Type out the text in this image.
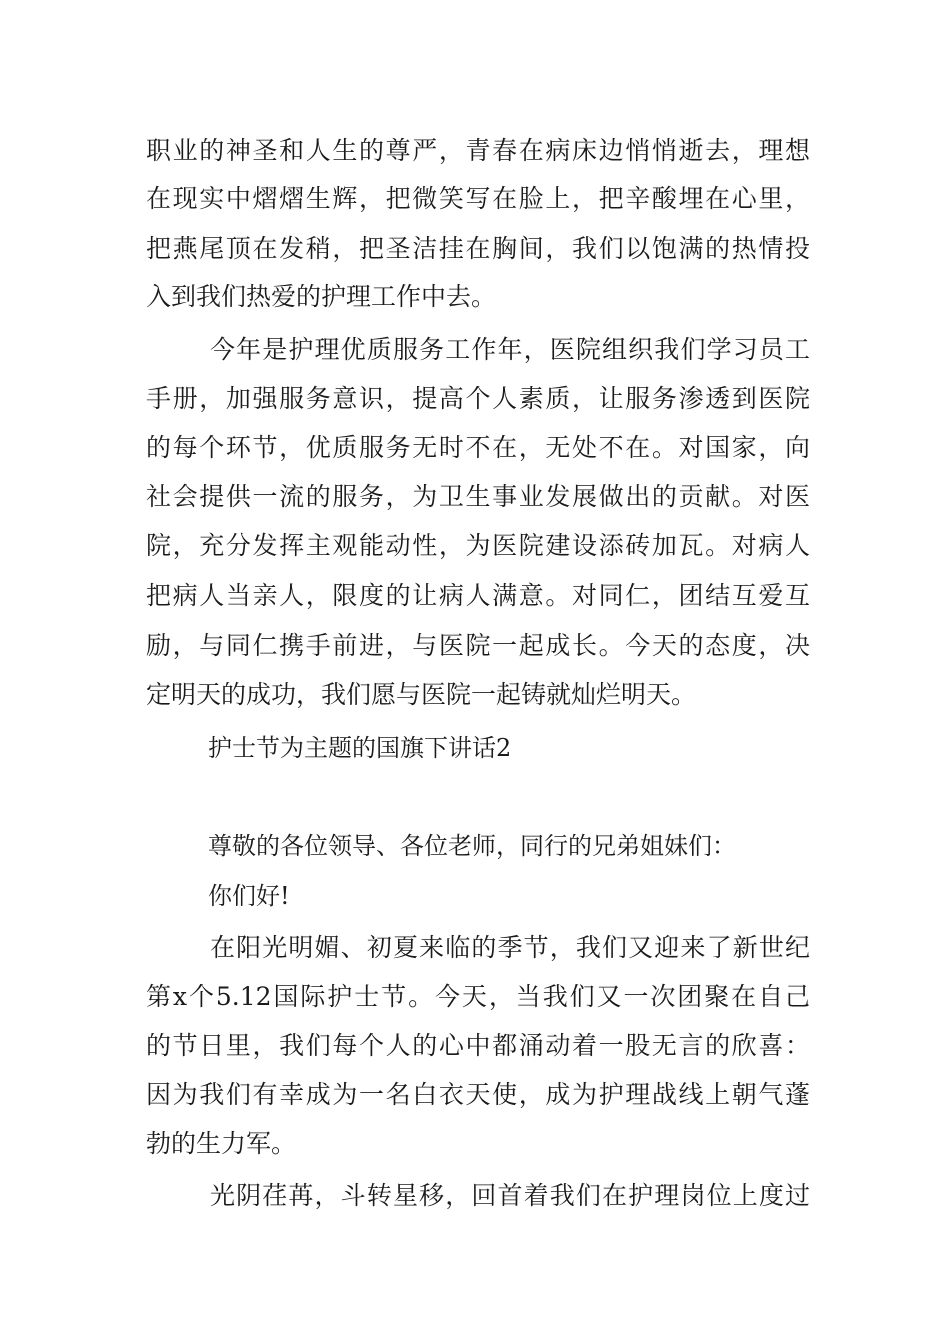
职业的神圣和人生的尊严，青春在病床边悄悄逝去，理想
在现实中熠熠生辉，把微笑写在脸上，把辛酸埋在心里，
把燕尾顶在发稍，把圣洁挂在胸间，我们以饱满的热情投
入到我们热爱的护理工作中去。
今年是护理优质服务工作年，医院组织我们学习员工
手册，加强服务意识，提高个人素质，让服务渗透到医院
的每个环节，优质服务无时不在，无处不在。对国家，向
社会提供一流的服务，为卫生事业发展做出的贡献。对医
院，充分发挥主观能动性，为医院建设添砖加瓦。对病人
把病人当亲人，限度的让病人满意。对同仁，团结互爱互
励，与同仁携手前进，与医院一起成长。今天的态度，决
定明天的成功，我们愿与医院一起铸就灿烂明天。
护士节为主题的国旗下讲话2
尊敬的各位领导、各位老师，同行的兄弟姐妹们：
你们好!
在阳光明媚、初夏来临的季节，我们又迎来了新世纪
第x个5.12国际护士节。今天，当我们又一次团聚在自己
的节日里，我们每个人的心中都涌动着一股无言的欣喜：
因为我们有幸成为一名白衣天使，成为护理战线上朝气蓬
勃的生力军。
光阴荏苒，斗转星移，回首着我们在护理岗位上度过
